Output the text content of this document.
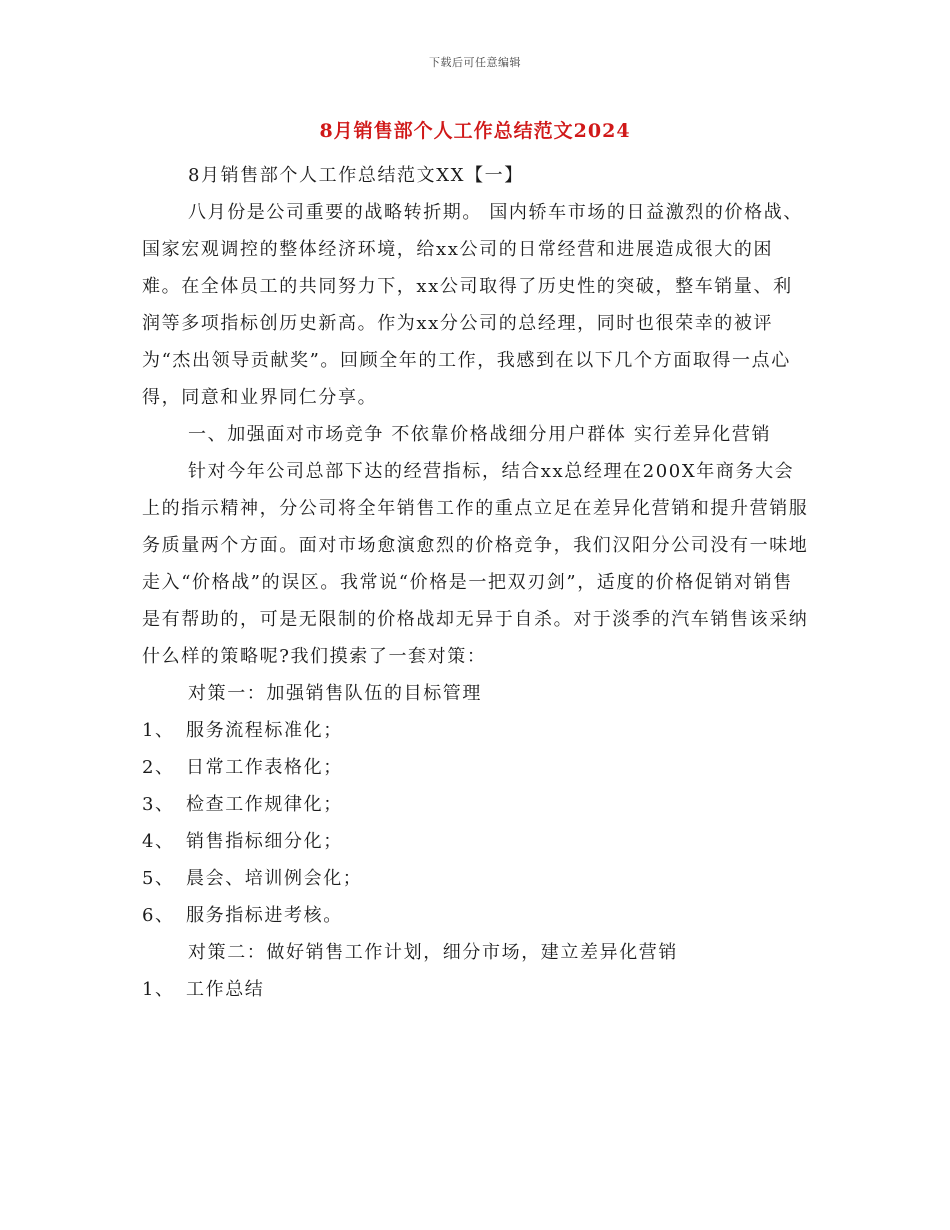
下载后可任意编辑
8月销售部个人工作总结范文2024

8月销售部个人工作总结范文XX【一】

八月份是公司重要的战略转折期。 国内轿车市场的日益激烈的价格战、国家宏观调控的整体经济环境，给xx公司的日常经营和进展造成很大的困难。在全体员工的共同努力下，xx公司取得了历史性的突破，整车销量、利润等多项指标创历史新高。作为xx分公司的总经理，同时也很荣幸的被评为“杰出领导贡献奖”。回顾全年的工作，我感到在以下几个方面取得一点心得，同意和业界同仁分享。

一、加强面对市场竞争 不依靠价格战细分用户群体 实行差异化营销

针对今年公司总部下达的经营指标，结合xx总经理在200X年商务大会上的指示精神，分公司将全年销售工作的重点立足在差异化营销和提升营销服务质量两个方面。面对市场愈演愈烈的价格竞争，我们汉阳分公司没有一味地走入“价格战”的误区。我常说“价格是一把双刃剑”，适度的价格促销对销售是有帮助的，可是无限制的价格战却无异于自杀。对于淡季的汽车销售该采纳什么样的策略呢?我们摸索了一套对策：

对策一：加强销售队伍的目标管理

1、 服务流程标准化；

2、 日常工作表格化；

3、 检查工作规律化；

4、 销售指标细分化；

5、 晨会、培训例会化；

6、 服务指标进考核。

对策二：做好销售工作计划，细分市场，建立差异化营销

1、 工作总结
